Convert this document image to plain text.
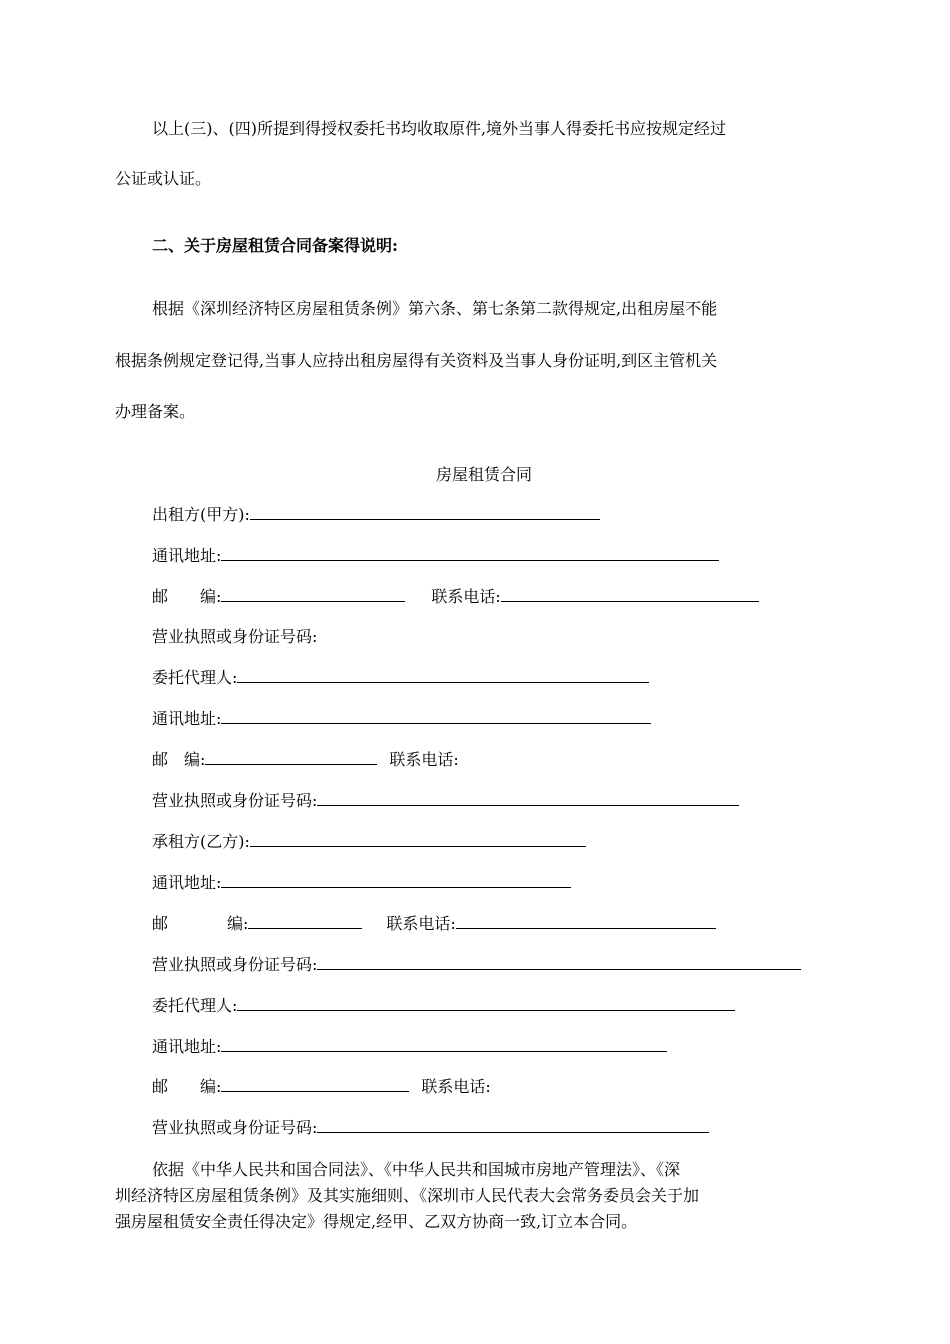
以上(三)、(四)所提到得授权委托书均收取原件,境外当事人得委托书应按规定经过
公证或认证。
二、关于房屋租赁合同备案得说明:
根据《深圳经济特区房屋租赁条例》第六条、第七条第二款得规定,出租房屋不能
根据条例规定登记得,当事人应持出租房屋得有关资料及当事人身份证明,到区主管机关
办理备案。
房屋租赁合同
出租方(甲方):
通讯地址:
邮 编:	联系电话:
营业执照或身份证号码:
委托代理人:
通讯地址:
邮 编:	联系电话:
营业执照或身份证号码:
承租方(乙方):
通讯地址:
邮	编:	联系电话:
营业执照或身份证号码:
委托代理人:
通讯地址:
邮 编:	联系电话:
营业执照或身份证号码:
依据《中华人民共和国合同法》、《中华人民共和国城市房地产管理法》、《深
圳经济特区房屋租赁条例》及其实施细则、《深圳市人民代表大会常务委员会关于加
强房屋租赁安全责任得决定》得规定,经甲、乙双方协商一致,订立本合同。
